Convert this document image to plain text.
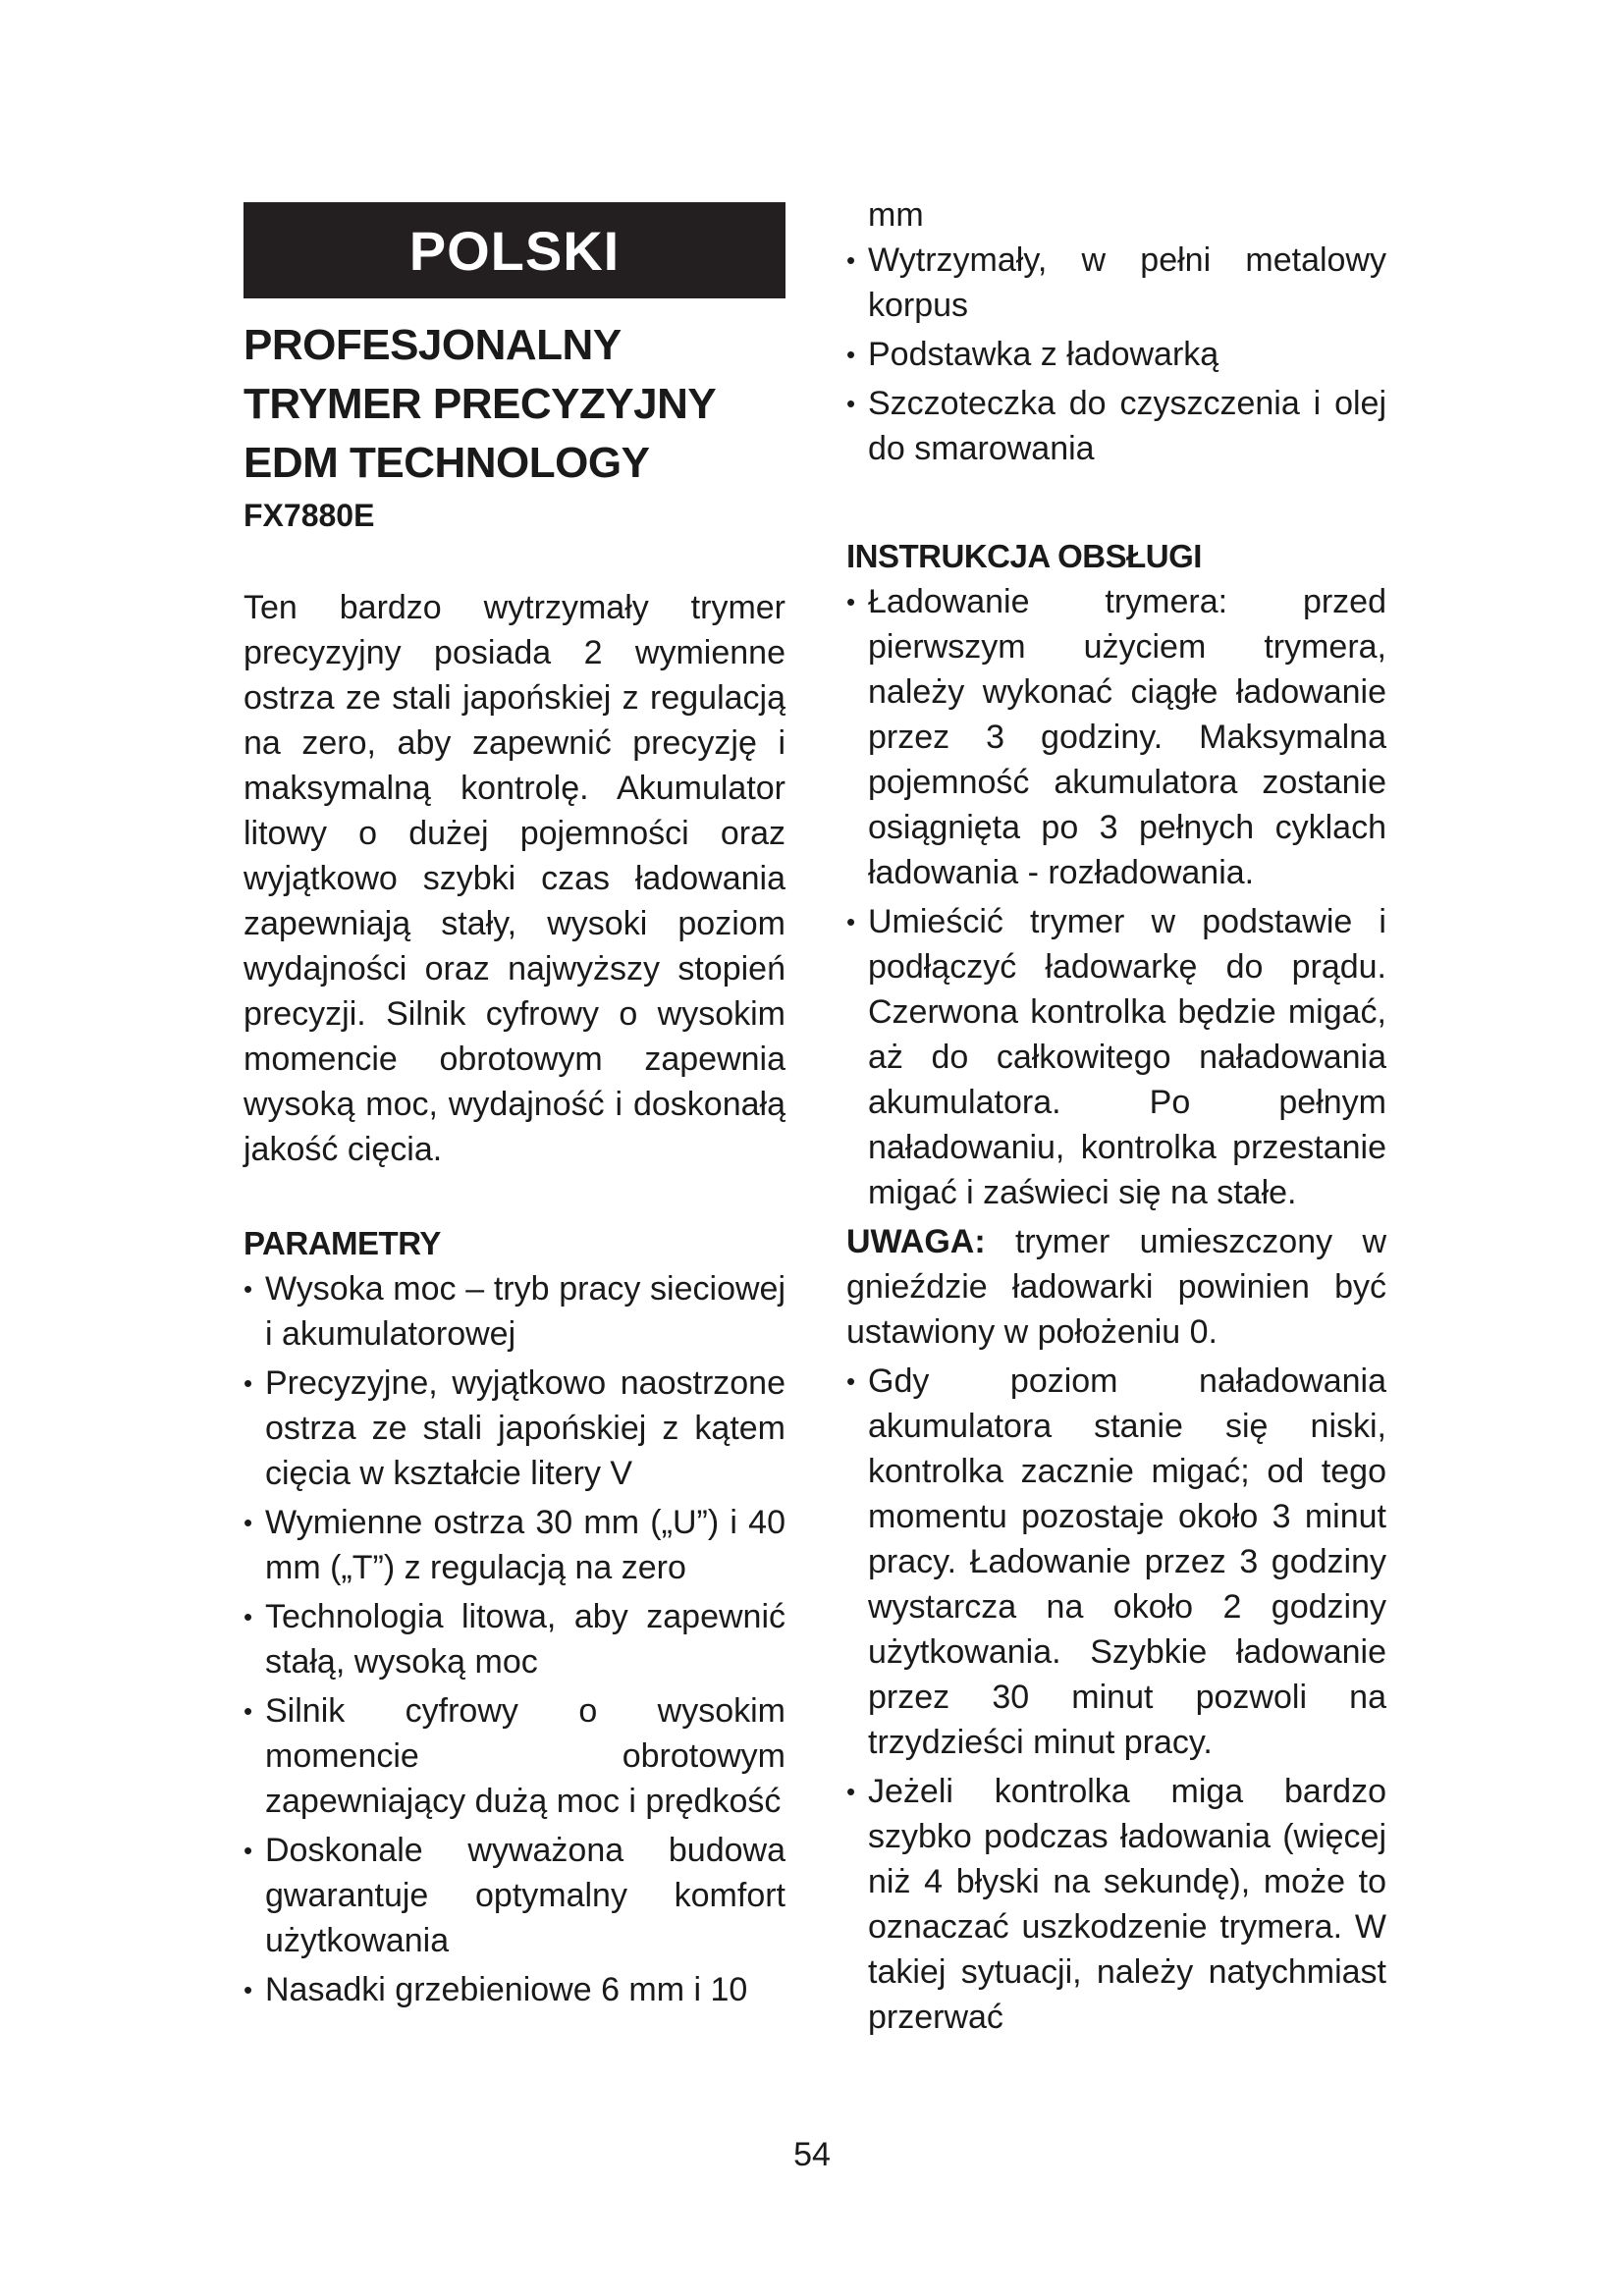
POLSKI

PROFESJONALNY

TRYMER PRECYZYJNY

EDM TECHNOLOGY

FX7880E

Ten bardzo wytrzymały trymer precyzyjny posiada 2 wymienne ostrza ze stali japońskiej z regulacją na zero, aby zapewnić precyzję i maksymalną kontrolę. Akumulator litowy o dużej pojemności oraz wyjątkowo szybki czas ładowania zapewniają stały, wysoki poziom wydajności oraz najwyższy stopień precyzji. Silnik cyfrowy o wysokim momencie obrotowym zapewnia wysoką moc, wydajność i doskonałą jakość cięcia.

PARAMETRY

• Wysoka moc – tryb pracy sieciowej i akumulatorowej
• Precyzyjne, wyjątkowo naostrzone ostrza ze stali japońskiej z kątem cięcia w kształcie litery V
• Wymienne ostrza 30 mm („U”) i 40 mm („T”) z regulacją na zero
• Technologia litowa, aby zapewnić stałą, wysoką moc
• Silnik cyfrowy o wysokim momencie obrotowym zapewniający dużą moc i prędkość
• Doskonale wyważona budowa gwarantuje optymalny komfort użytkowania
• Nasadki grzebieniowe 6 mm i 10

mm

• Wytrzymały, w pełni metalowy korpus
• Podstawka z ładowarką
• Szczoteczka do czyszczenia i olej do smarowania

INSTRUKCJA OBSŁUGI

• Ładowanie trymera: przed pierwszym użyciem trymera, należy wykonać ciągłe ładowanie przez 3 godziny. Maksymalna pojemność akumulatora zostanie osiągnięta po 3 pełnych cyklach ładowania - rozładowania.
• Umieścić trymer w podstawie i podłączyć ładowarkę do prądu. Czerwona kontrolka będzie migać, aż do całkowitego naładowania akumulatora. Po pełnym naładowaniu, kontrolka przestanie migać i zaświeci się na stałe.

UWAGA: trymer umieszczony w gnieździe ładowarki powinien być ustawiony w położeniu 0.

• Gdy poziom naładowania akumulatora stanie się niski, kontrolka zacznie migać; od tego momentu pozostaje około 3 minut pracy. Ładowanie przez 3 godziny wystarcza na około 2 godziny użytkowania. Szybkie ładowanie przez 30 minut pozwoli na trzydzieści minut pracy.
• Jeżeli kontrolka miga bardzo szybko podczas ładowania (więcej niż 4 błyski na sekundę), może to oznaczać uszkodzenie trymera. W takiej sytuacji, należy natychmiast przerwać
54
